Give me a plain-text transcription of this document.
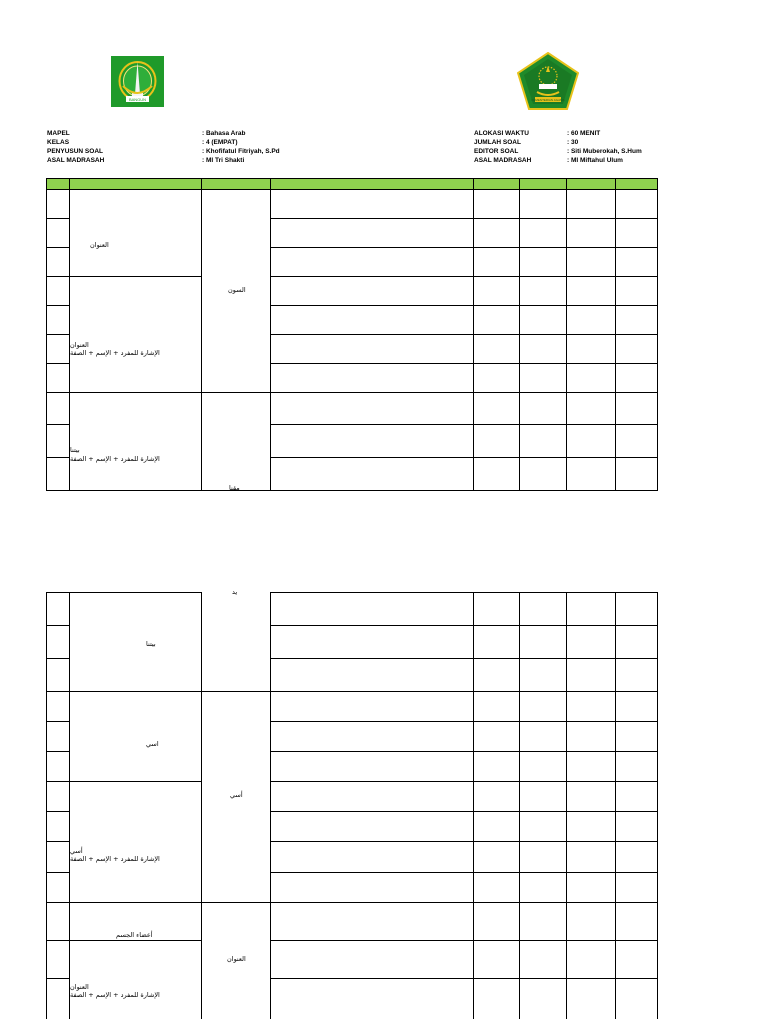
BANGUN	KEMENTERIAN AGAMA
MAPEL
KELAS
PENYUSUN SOAL
ASAL MADRASAH
: Bahasa Arab
: 4 (EMPAT)
: Khofifatul Fitriyah, S.Pd
: MI Tri Shakti
ALOKASI WAKTU
JUMLAH SOAL
EDITOR SOAL
ASAL MADRASAH
: 60 MENIT
: 30
: Siti Muberokah, S.Hum
: MI Miftahul Ulum
العنوان
العنوان
الإشارة للمفرد + الإسم + الصفة
السون
بيتنا
الإشارة للمفرد + الإسم + الصفة
مقنا
يد
بيتنا
اسي
أسي
أسي
الإشارة للمفرد + الإسم + الصفة
أعضاء الجسم
العنوان
العنوان
الإشارة للمفرد + الإسم + الصفة
